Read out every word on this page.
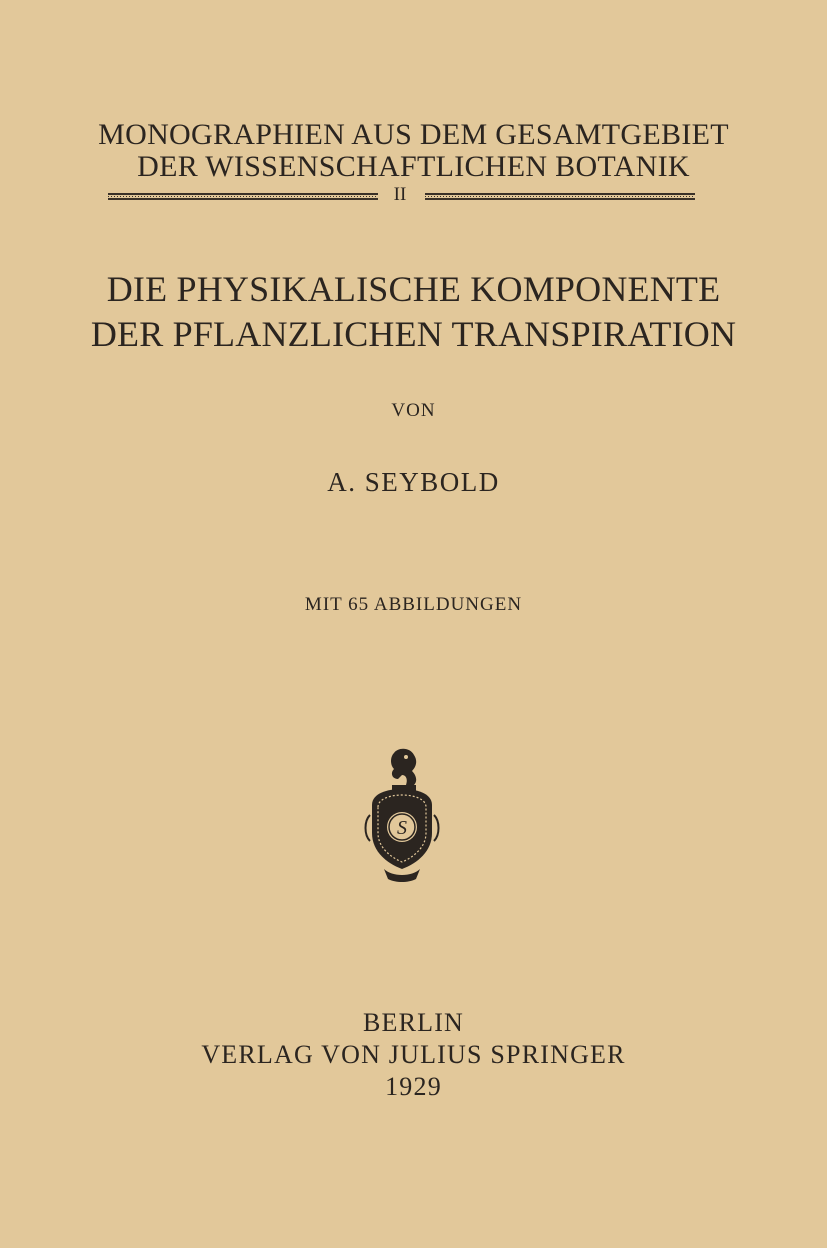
MONOGRAPHIEN AUS DEM GESAMTGEBIET
DER WISSENSCHAFTLICHEN BOTANIK
II
DIE PHYSIKALISCHE KOMPONENTE
DER PFLANZLICHEN TRANSPIRATION
VON
A. SEYBOLD
MIT 65 ABBILDUNGEN
S
BERLIN
VERLAG VON JULIUS SPRINGER
1929
